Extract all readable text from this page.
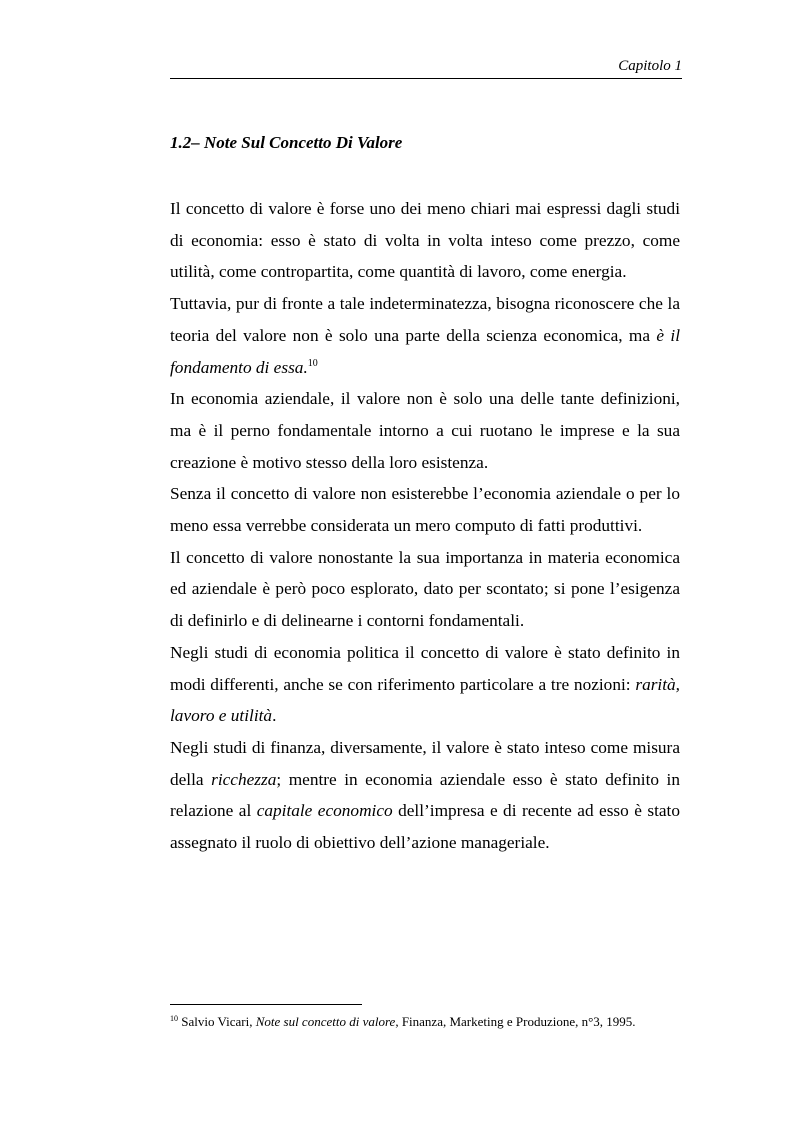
Capitolo 1
1.2– Note Sul Concetto Di Valore

Il concetto di valore è forse uno dei meno chiari mai espressi dagli studi di economia: esso è stato di volta in volta inteso come prezzo, come utilità, come contropartita, come quantità di lavoro, come energia.

Tuttavia, pur di fronte a tale indeterminatezza, bisogna riconoscere che la teoria del valore non è solo una parte della scienza economica, ma è il fondamento di essa.$^{10}$

In economia aziendale, il valore non è solo una delle tante definizioni, ma è il perno fondamentale intorno a cui ruotano le imprese e la sua creazione è motivo stesso della loro esistenza.

Senza il concetto di valore non esisterebbe l’economia aziendale o per lo meno essa verrebbe considerata un mero computo di fatti produttivi.

Il concetto di valore nonostante la sua importanza in materia economica ed aziendale è però poco esplorato, dato per scontato; si pone l’esigenza di definirlo e di delinearne i contorni fondamentali.

Negli studi di economia politica il concetto di valore è stato definito in modi differenti, anche se con riferimento particolare a tre nozioni: rarità, lavoro e utilità.

Negli studi di finanza, diversamente, il valore è stato inteso come misura della ricchezza; mentre in economia aziendale esso è stato definito in relazione al capitale economico dell’impresa e di recente ad esso è stato assegnato il ruolo di obiettivo dell’azione manageriale.

$^{10}$ Salvio Vicari, Note sul concetto di valore, Finanza, Marketing e Produzione, n°3, 1995.
